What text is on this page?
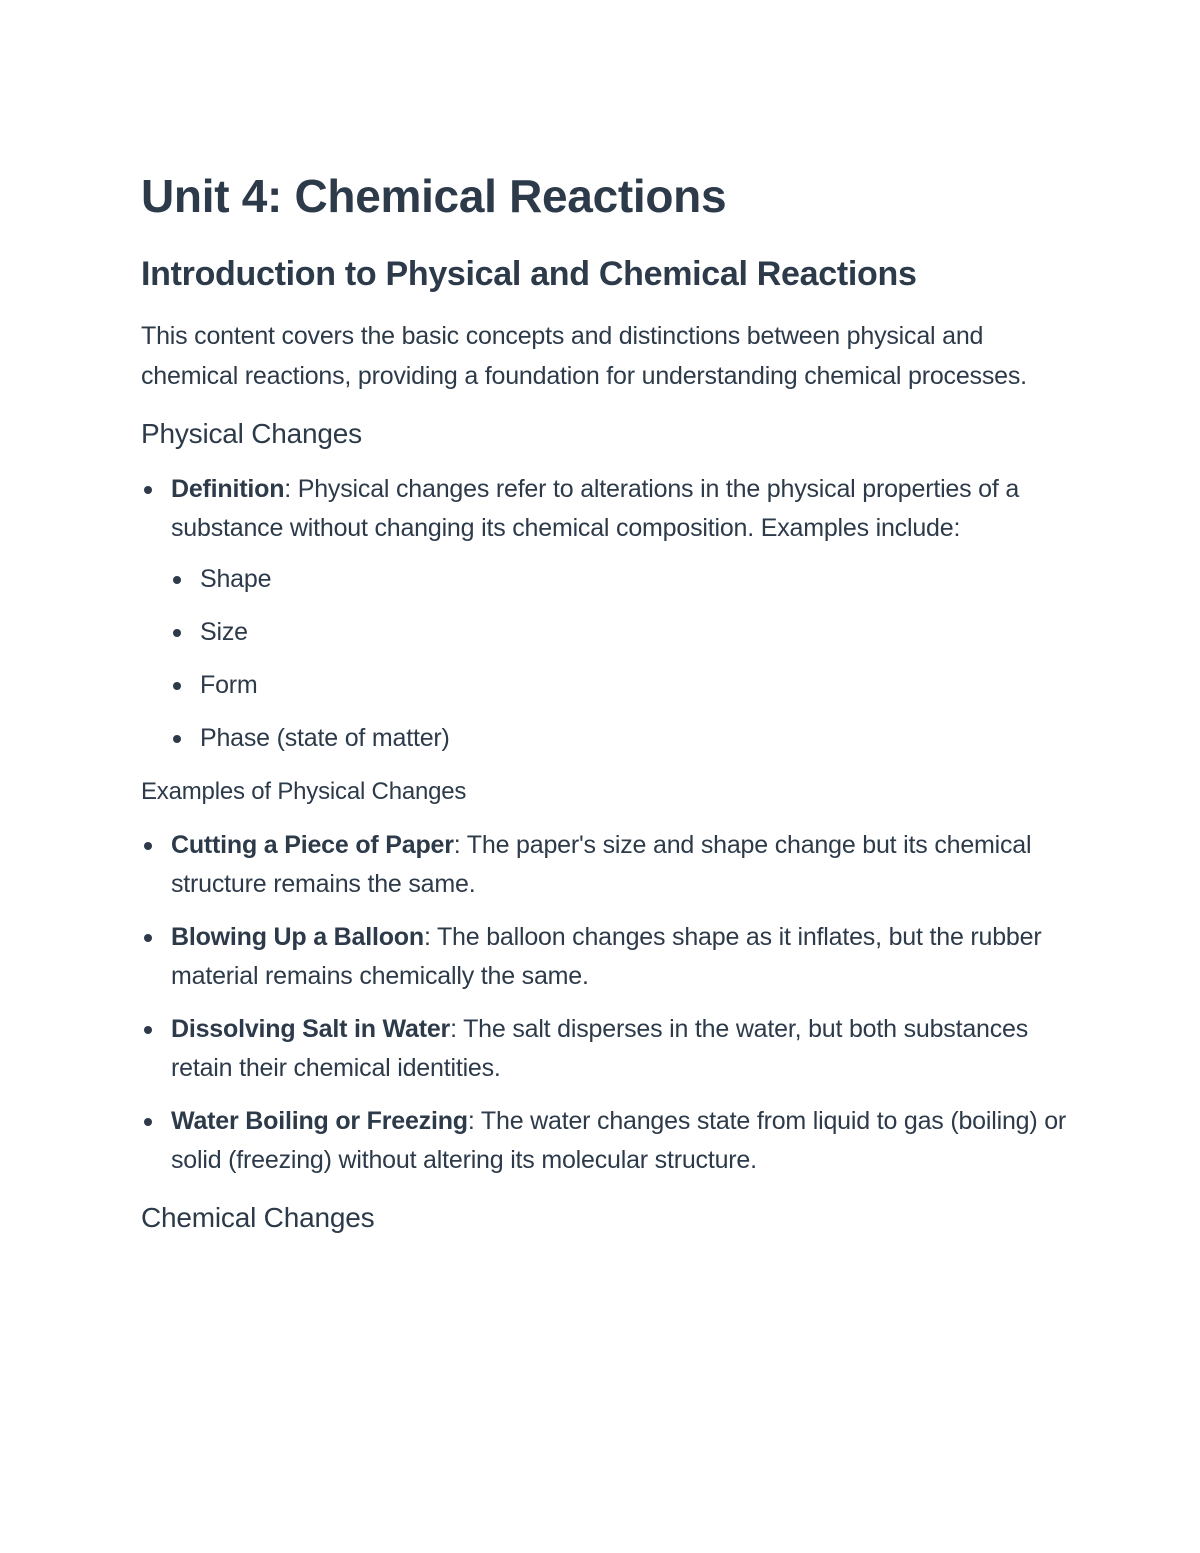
Unit 4: Chemical Reactions
Introduction to Physical and Chemical Reactions

This content covers the basic concepts and distinctions between physical and chemical reactions, providing a foundation for understanding chemical processes.

Physical Changes
Definition: Physical changes refer to alterations in the physical properties of a substance without changing its chemical composition. Examples include:
Shape
Size
Form
Phase (state of matter)
Examples of Physical Changes
Cutting a Piece of Paper: The paper's size and shape change but its chemical structure remains the same.
Blowing Up a Balloon: The balloon changes shape as it inflates, but the rubber material remains chemically the same.
Dissolving Salt in Water: The salt disperses in the water, but both substances retain their chemical identities.
Water Boiling or Freezing: The water changes state from liquid to gas (boiling) or solid (freezing) without altering its molecular structure.
Chemical Changes
